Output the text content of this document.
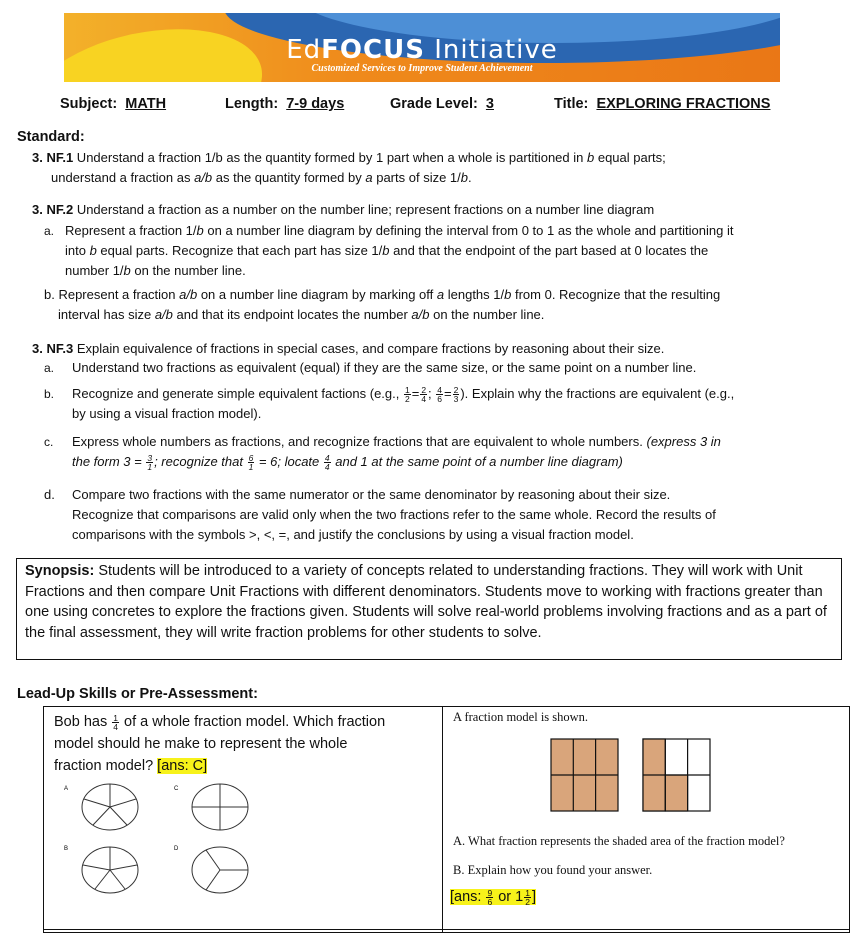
EdFOCUS Initiative
Customized Services to Improve Student Achievement
Subject: MATH	Length: 7-9 days	Grade Level: 3	Title: EXPLORING FRACTIONS
Standard:
3. NF.1 Understand a fraction 1/b as the quantity formed by 1 part when a whole is partitioned in b equal parts;
understand a fraction as a/b as the quantity formed by a parts of size 1/b.
3. NF.2 Understand a fraction as a number on the number line; represent fractions on a number line diagram
a. Represent a fraction 1/b on a number line diagram by defining the interval from 0 to 1 as the whole and partitioning it
into b equal parts. Recognize that each part has size 1/b and that the endpoint of the part based at 0 locates the
number 1/b on the number line.
b. Represent a fraction a/b on a number line diagram by marking off a lengths 1/b from 0. Recognize that the resulting
interval has size a/b and that its endpoint locates the number a/b on the number line.
3. NF.3 Explain equivalence of fractions in special cases, and compare fractions by reasoning about their size.
a. Understand two fractions as equivalent (equal) if they are the same size, or the same point on a number line.
b. Recognize and generate simple equivalent factions (e.g., $\frac{1}{2} = \frac{2}{4}$ ; $\frac{4}{6} = \frac{2}{3}$ ). Explain why the fractions are equivalent (e.g.,
by using a visual fraction model).
c. Express whole numbers as fractions, and recognize fractions that are equivalent to whole numbers. (express 3 in
the form $3 = \frac{3}{1}$ ; recognize that $\frac{6}{1} = 6$; locate $\frac{4}{4}$ and 1 at the same point of a number line diagram)
d. Compare two fractions with the same numerator or the same denominator by reasoning about their size.
Recognize that comparisons are valid only when the two fractions refer to the same whole. Record the results of
comparisons with the symbols >, <, =, and justify the conclusions by using a visual fraction model.
Synopsis: Students will be introduced to a variety of concepts related to understanding fractions. They will work with Unit Fractions and then compare Unit Fractions with different denominators. Students move to working with fractions greater than one using concretes to explore the fractions given. Students will solve real-world problems involving fractions and as a part of the final assessment, they will write fraction problems for other students to solve.
Lead-Up Skills or Pre-Assessment:
Bob has $\frac{1}{4}$ of a whole fraction model. Which fraction
model should he make to represent the whole
fraction model? [ans: C]
A	C
B	D
A fraction model is shown.
A. What fraction represents the shaded area of the fraction model?
B. Explain how you found your answer.
[ans: $\frac{9}{6}$ or $1 \frac{1}{2}$ ]
